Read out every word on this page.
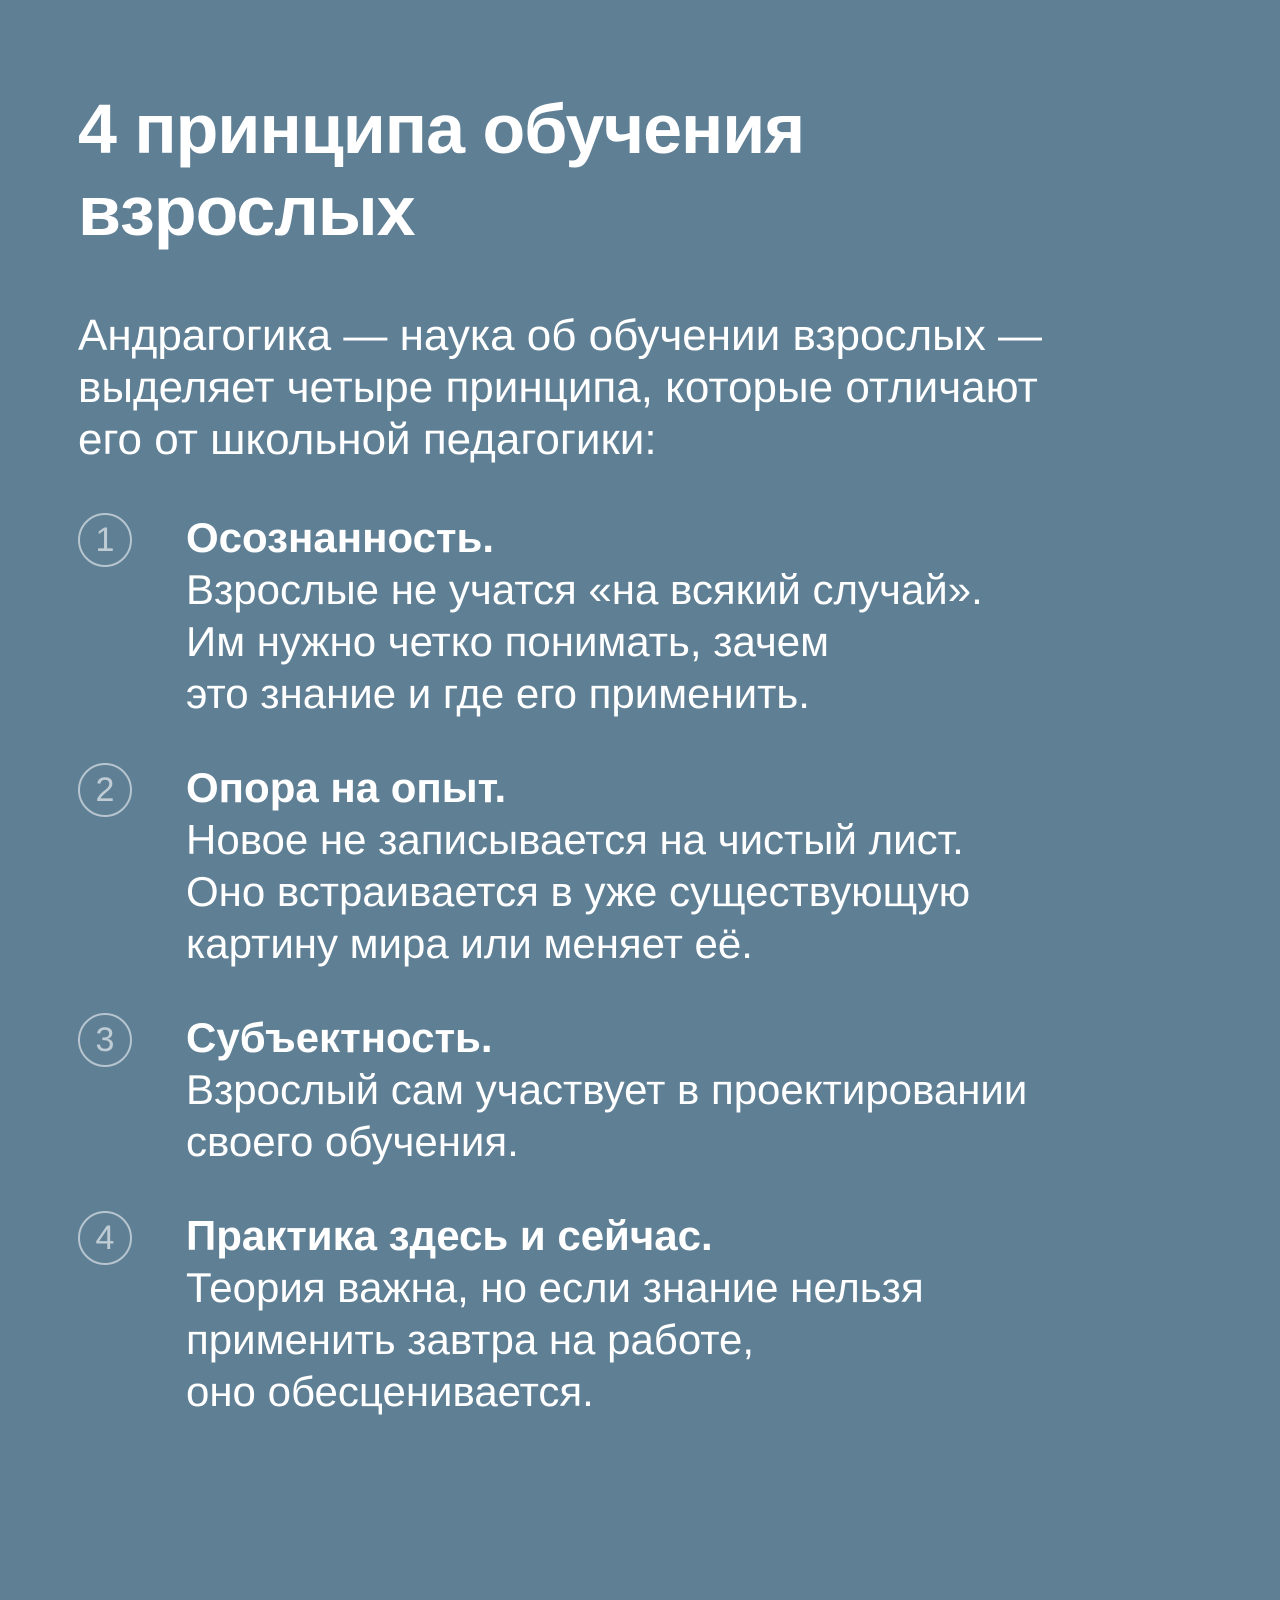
4 принципа обучения
взрослых

Андрагогика — наука об обучении взрослых —
выделяет четыре принципа, которые отличают
его от школьной педагогики:

1	Осознанность.
Взрослые не учатся «на всякий случай».
Им нужно четко понимать, зачем
это знание и где его применить.
2	Опора на опыт.
Новое не записывается на чистый лист.
Оно встраивается в уже существующую
картину мира или меняет её.
3	Субъектность.
Взрослый сам участвует в проектировании
своего обучения.
4	Практика здесь и сейчас.
Теория важна, но если знание нельзя
применить завтра на работе,
оно обесценивается.
